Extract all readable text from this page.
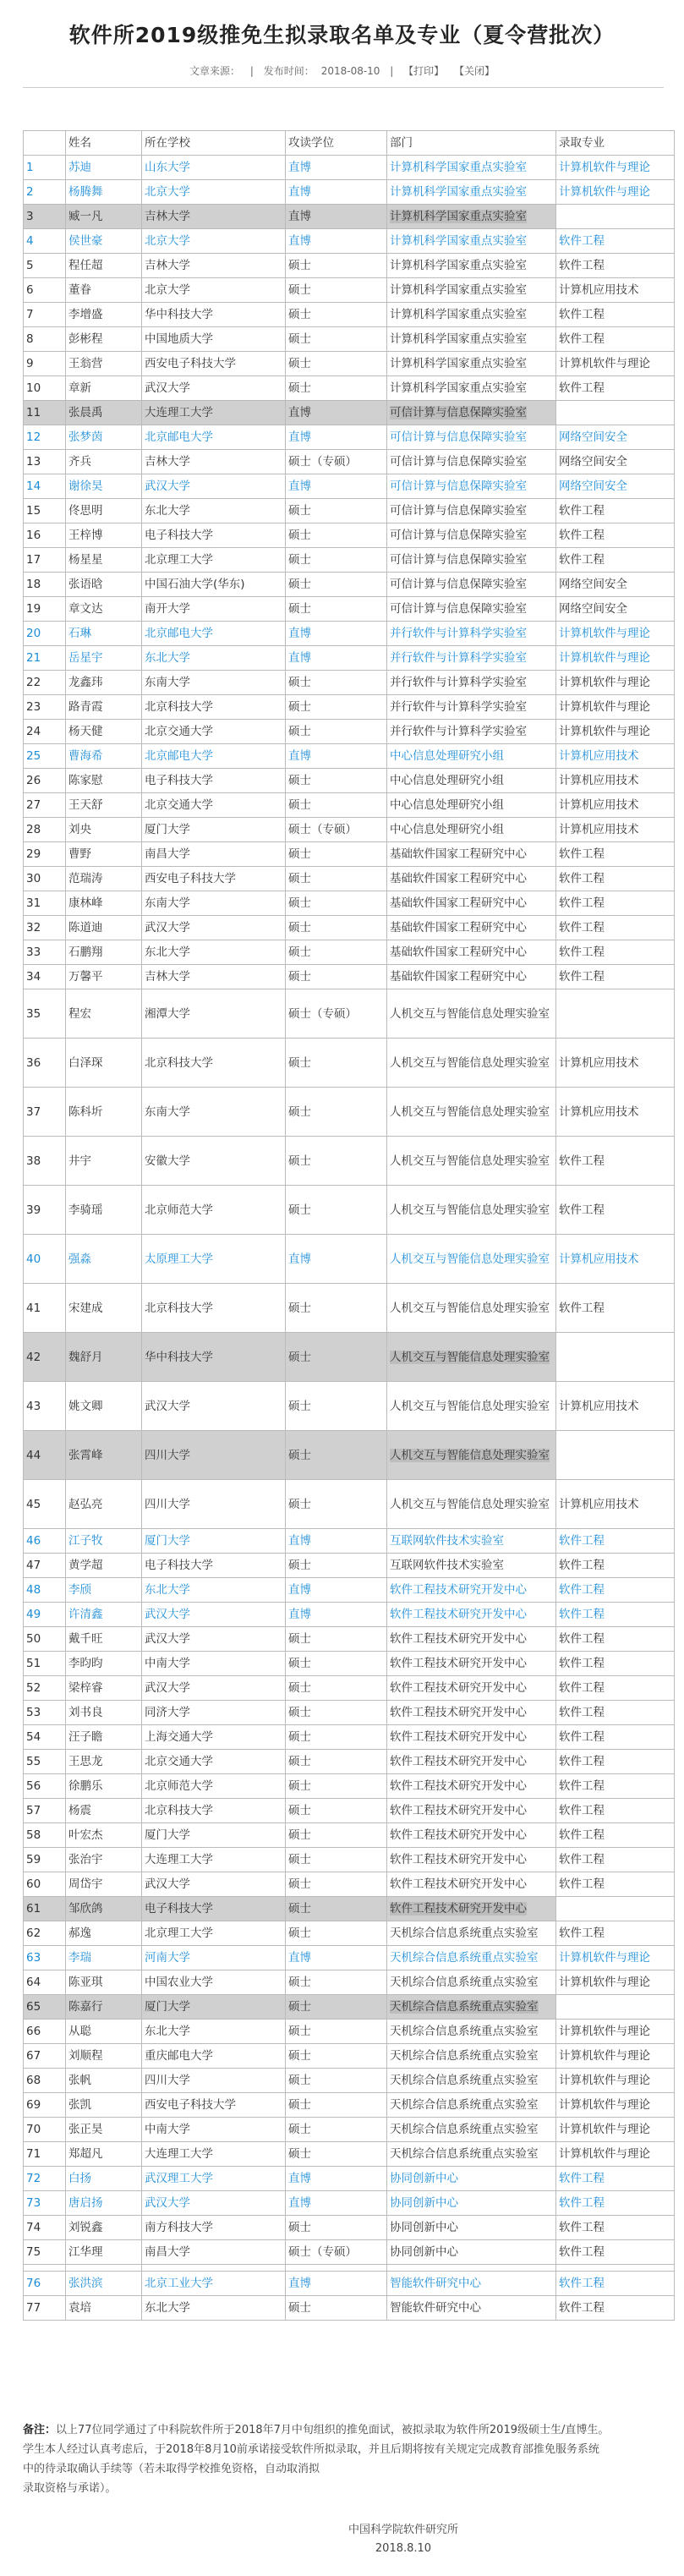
软件所2019级推免生拟录取名单及专业（夏令营批次）
文章来源： | 发布时间： 2018-08-10 | 【打印】 【关闭】
	姓名	所在学校	攻读学位	部门	录取专业
1	苏迪	山东大学	直博	计算机科学国家重点实验室	计算机软件与理论
2	杨腾舞	北京大学	直博	计算机科学国家重点实验室	计算机软件与理论
3	臧一凡	吉林大学	直博	计算机科学国家重点实验室	
4	侯世豪	北京大学	直博	计算机科学国家重点实验室	软件工程
5	程任超	吉林大学	硕士	计算机科学国家重点实验室	软件工程
6	董眷	北京大学	硕士	计算机科学国家重点实验室	计算机应用技术
7	李增盛	华中科技大学	硕士	计算机科学国家重点实验室	软件工程
8	彭彬程	中国地质大学	硕士	计算机科学国家重点实验室	软件工程
9	王翁营	西安电子科技大学	硕士	计算机科学国家重点实验室	计算机软件与理论
10	章新	武汉大学	硕士	计算机科学国家重点实验室	软件工程
11	张晨禹	大连理工大学	直博	可信计算与信息保障实验室	
12	张梦茵	北京邮电大学	直博	可信计算与信息保障实验室	网络空间安全
13	齐兵	吉林大学	硕士（专硕）	可信计算与信息保障实验室	网络空间安全
14	谢徐昊	武汉大学	直博	可信计算与信息保障实验室	网络空间安全
15	佟思明	东北大学	硕士	可信计算与信息保障实验室	软件工程
16	王梓博	电子科技大学	硕士	可信计算与信息保障实验室	软件工程
17	杨星星	北京理工大学	硕士	可信计算与信息保障实验室	软件工程
18	张语晗	中国石油大学(华东)	硕士	可信计算与信息保障实验室	网络空间安全
19	章文达	南开大学	硕士	可信计算与信息保障实验室	网络空间安全
20	石琳	北京邮电大学	直博	并行软件与计算科学实验室	计算机软件与理论
21	岳星宇	东北大学	直博	并行软件与计算科学实验室	计算机软件与理论
22	龙鑫玮	东南大学	硕士	并行软件与计算科学实验室	计算机软件与理论
23	路青霞	北京科技大学	硕士	并行软件与计算科学实验室	计算机软件与理论
24	杨天健	北京交通大学	硕士	并行软件与计算科学实验室	计算机软件与理论
25	曹海希	北京邮电大学	直博	中心信息处理研究小组	计算机应用技术
26	陈家慰	电子科技大学	硕士	中心信息处理研究小组	计算机应用技术
27	王天舒	北京交通大学	硕士	中心信息处理研究小组	计算机应用技术
28	刘央	厦门大学	硕士（专硕）	中心信息处理研究小组	计算机应用技术
29	曹野	南昌大学	硕士	基础软件国家工程研究中心	软件工程
30	范瑞涛	西安电子科技大学	硕士	基础软件国家工程研究中心	软件工程
31	康林峰	东南大学	硕士	基础软件国家工程研究中心	软件工程
32	陈道迪	武汉大学	硕士	基础软件国家工程研究中心	软件工程
33	石鹏翔	东北大学	硕士	基础软件国家工程研究中心	软件工程
34	万馨平	吉林大学	硕士	基础软件国家工程研究中心	软件工程
35	程宏	湘潭大学	硕士（专硕）	人机交互与智能信息处理实验室	
36	白泽琛	北京科技大学	硕士	人机交互与智能信息处理实验室	计算机应用技术
37	陈科圻	东南大学	硕士	人机交互与智能信息处理实验室	计算机应用技术
38	井宇	安徽大学	硕士	人机交互与智能信息处理实验室	软件工程
39	李骑瑶	北京师范大学	硕士	人机交互与智能信息处理实验室	软件工程
40	强淼	太原理工大学	直博	人机交互与智能信息处理实验室	计算机应用技术
41	宋建成	北京科技大学	硕士	人机交互与智能信息处理实验室	软件工程
42	魏舒月	华中科技大学	硕士	人机交互与智能信息处理实验室	
43	姚文卿	武汉大学	硕士	人机交互与智能信息处理实验室	计算机应用技术
44	张霄峰	四川大学	硕士	人机交互与智能信息处理实验室	
45	赵弘亮	四川大学	硕士	人机交互与智能信息处理实验室	计算机应用技术
46	江子牧	厦门大学	直博	互联网软件技术实验室	软件工程
47	黄学超	电子科技大学	硕士	互联网软件技术实验室	软件工程
48	李颀	东北大学	直博	软件工程技术研究开发中心	软件工程
49	许清鑫	武汉大学	直博	软件工程技术研究开发中心	软件工程
50	戴千旺	武汉大学	硕士	软件工程技术研究开发中心	软件工程
51	李昀昀	中南大学	硕士	软件工程技术研究开发中心	软件工程
52	梁梓睿	武汉大学	硕士	软件工程技术研究开发中心	软件工程
53	刘书良	同济大学	硕士	软件工程技术研究开发中心	软件工程
54	汪子瞻	上海交通大学	硕士	软件工程技术研究开发中心	软件工程
55	王思龙	北京交通大学	硕士	软件工程技术研究开发中心	软件工程
56	徐鹏乐	北京师范大学	硕士	软件工程技术研究开发中心	软件工程
57	杨震	北京科技大学	硕士	软件工程技术研究开发中心	软件工程
58	叶宏杰	厦门大学	硕士	软件工程技术研究开发中心	软件工程
59	张治宇	大连理工大学	硕士	软件工程技术研究开发中心	软件工程
60	周岱宇	武汉大学	硕士	软件工程技术研究开发中心	软件工程
61	邹欣鸽	电子科技大学	硕士	软件工程技术研究开发中心	
62	郝逸	北京理工大学	硕士	天机综合信息系统重点实验室	软件工程
63	李瑞	河南大学	直博	天机综合信息系统重点实验室	计算机软件与理论
64	陈亚琪	中国农业大学	硕士	天机综合信息系统重点实验室	计算机软件与理论
65	陈嘉行	厦门大学	硕士	天机综合信息系统重点实验室	
66	从聪	东北大学	硕士	天机综合信息系统重点实验室	计算机软件与理论
67	刘顺程	重庆邮电大学	硕士	天机综合信息系统重点实验室	计算机软件与理论
68	张帆	四川大学	硕士	天机综合信息系统重点实验室	计算机软件与理论
69	张凯	西安电子科技大学	硕士	天机综合信息系统重点实验室	计算机软件与理论
70	张正昊	中南大学	硕士	天机综合信息系统重点实验室	计算机软件与理论
71	郑超凡	大连理工大学	硕士	天机综合信息系统重点实验室	计算机软件与理论
72	白扬	武汉理工大学	直博	协同创新中心	软件工程
73	唐启扬	武汉大学	直博	协同创新中心	软件工程
74	刘锐鑫	南方科技大学	硕士	协同创新中心	软件工程
75	江华理	南昌大学	硕士（专硕）	协同创新中心	软件工程

76	张洪滨	北京工业大学	直博	智能软件研究中心	软件工程
77	袁培	东北大学	硕士	智能软件研究中心	软件工程
备注：以上77位同学通过了中科院软件所于2018年7月中旬组织的推免面试，被拟录取为软件所2019级硕士生/直博生。
学生本人经过认真考虑后，于2018年8月10前承诺接受软件所拟录取，并且后期将按有关规定完成教育部推免服务系统
中的待录取确认手续等（若未取得学校推免资格，自动取消拟
录取资格与承诺）。
中国科学院软件研究所
2018.8.10
